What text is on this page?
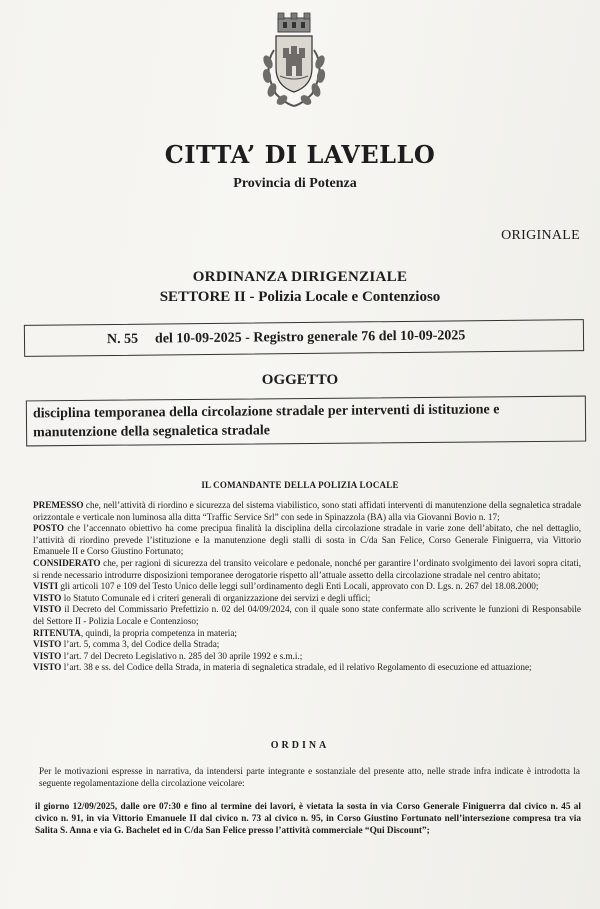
CITTA’ DI LAVELLO
Provincia di Potenza
ORIGINALE
ORDINANZA DIRIGENZIALE
SETTORE II - Polizia Locale e Contenzioso
N. 55 del 10-09-2025 - Registro generale 76 del 10-09-2025
OGGETTO
disciplina temporanea della circolazione stradale per interventi di istituzione e manutenzione della segnaletica stradale
IL COMANDANTE DELLA POLIZIA LOCALE

PREMESSO che, nell’attività di riordino e sicurezza del sistema viabilistico, sono stati affidati interventi di manutenzione della segnaletica stradale orizzontale e verticale non luminosa alla ditta “Traffic Service Srl” con sede in Spinazzola (BA) alla via Giovanni Bovio n. 17;

POSTO che l’accennato obiettivo ha come precipua finalità la disciplina della circolazione stradale in varie zone dell’abitato, che nel dettaglio, l’attività di riordino prevede l’istituzione e la manutenzione degli stalli di sosta in C/da San Felice, Corso Generale Finiguerra, via Vittorio Emanuele II e Corso Giustino Fortunato;

CONSIDERATO che, per ragioni di sicurezza del transito veicolare e pedonale, nonché per garantire l’ordinato svolgimento dei lavori sopra citati, si rende necessario introdurre disposizioni temporanee derogatorie rispetto all’attuale assetto della circolazione stradale nel centro abitato;

VISTI gli articoli 107 e 109 del Testo Unico delle leggi sull’ordinamento degli Enti Locali, approvato con D. Lgs. n. 267 del 18.08.2000;

VISTO lo Statuto Comunale ed i criteri generali di organizzazione dei servizi e degli uffici;

VISTO il Decreto del Commissario Prefettizio n. 02 del 04/09/2024, con il quale sono state confermate allo scrivente le funzioni di Responsabile del Settore II - Polizia Locale e Contenzioso;

RITENUTA, quindi, la propria competenza in materia;

VISTO l’art. 5, comma 3, del Codice della Strada;

VISTO l’art. 7 del Decreto Legislativo n. 285 del 30 aprile 1992 e s.m.i.;

VISTO l’art. 38 e ss. del Codice della Strada, in materia di segnaletica stradale, ed il relativo Regolamento di esecuzione ed attuazione;

ORDINA

Per le motivazioni espresse in narrativa, da intendersi parte integrante e sostanziale del presente atto, nelle strade infra indicate è introdotta la seguente regolamentazione della circolazione veicolare:

il giorno 12/09/2025, dalle ore 07:30 e fino al termine dei lavori, è vietata la sosta in via Corso Generale Finiguerra dal civico n. 45 al civico n. 91, in via Vittorio Emanuele II dal civico n. 73 al civico n. 95, in Corso Giustino Fortunato nell’intersezione compresa tra via Salita S. Anna e via G. Bachelet ed in C/da San Felice presso l’attività commerciale “Qui Discount”;
